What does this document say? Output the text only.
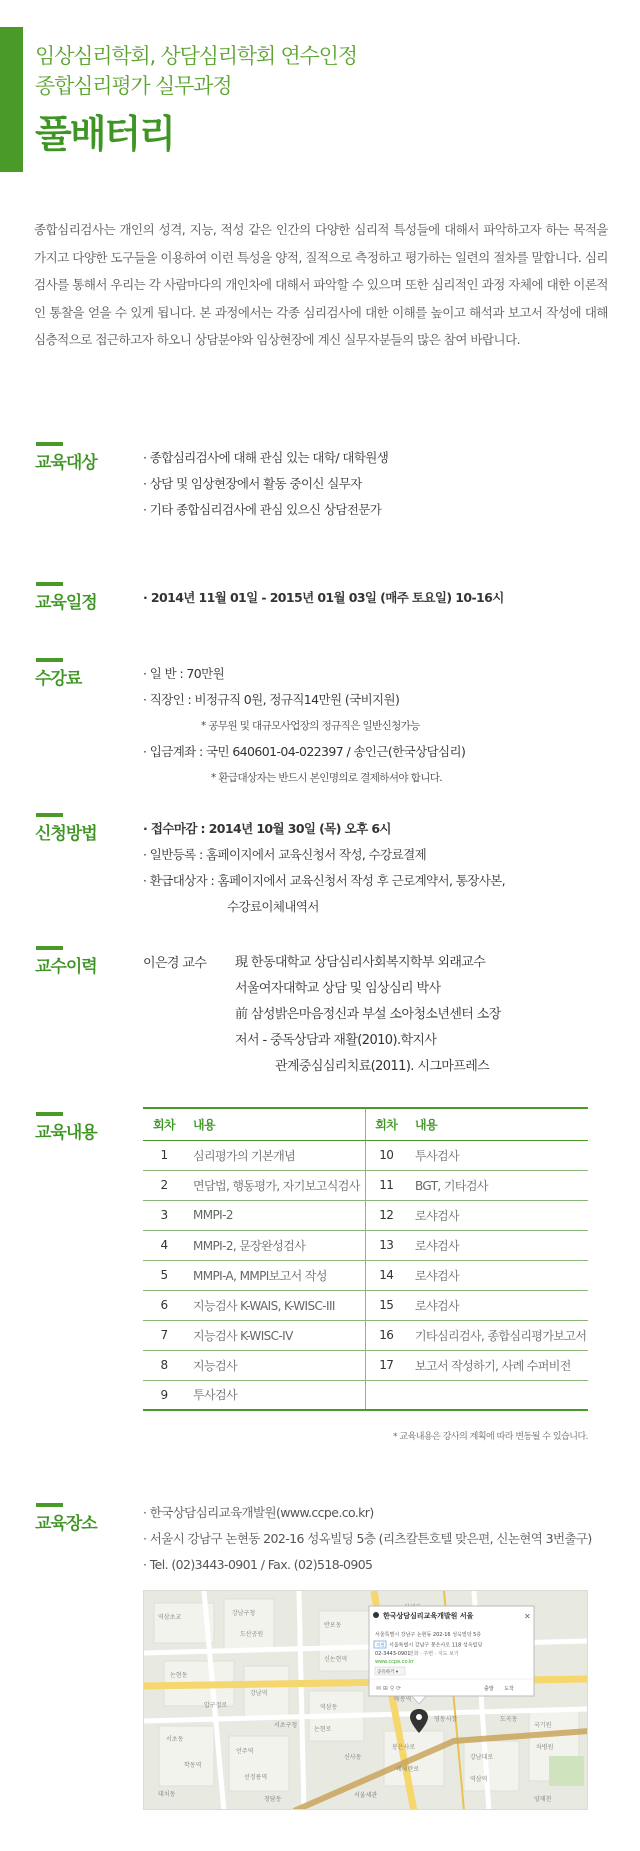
임상심리학회, 상담심리학회 연수인정
종합심리평가 실무과정
풀배터리

종합심리검사는 개인의 성격, 지능, 적성 같은 인간의 다양한 심리적 특성들에 대해서 파악하고자 하는 목적을 가지고 다양한 도구들을 이용하여 이런 특성을 양적, 질적으로 측정하고 평가하는 일련의 절차를 말합니다. 심리검사를 통해서 우리는 각 사람마다의 개인차에 대해서 파악할 수 있으며 또한 심리적인 과정 자체에 대한 이론적인 통찰을 얻을 수 있게 됩니다. 본 과정에서는 각종 심리검사에 대한 이해를 높이고 해석과 보고서 작성에 대해 심층적으로 접근하고자 하오니 상담분야와 임상현장에 계신 실무자분들의 많은 참여 바랍니다.

교육대상	· 종합심리검사에 대해 관심 있는 대학/ 대학원생
· 상담 및 임상현장에서 활동 중이신 실무자
· 기타 종합심리검사에 관심 있으신 상담전문가
교육일정	· 2014년 11월 01일 - 2015년 01월 03일 (매주 토요일) 10-16시
수강료	· 일 반 : 70만원
· 직장인 : 비정규직 0원, 정규직14만원 (국비지원)
* 공무원 및 대규모사업장의 정규직은 일반신청가능
· 입금계좌 : 국민 640601-04-022397 / 송인근(한국상담심리)
* 환급대상자는 반드시 본인명의로 결제하셔야 합니다.
신청방법	· 접수마감 : 2014년 10월 30일 (목) 오후 6시
· 일반등록 : 홈페이지에서 교육신청서 작성, 수강료결제
· 환급대상자 : 홈페이지에서 교육신청서 작성 후 근로계약서, 통장사본,
수강료이체내역서
교수이력	이은경 교수 現 한동대학교 상담심리사회복지학부 외래교수
서울여자대학교 상담 및 임상심리 박사
前 삼성밝은마음정신과 부설 소아청소년센터 소장
저서 - 중독상담과 재활(2010).학지사
관계중심심리치료(2011). 시그마프레스
교육내용	회차	내용	회차	내용
1	심리평가의 기본개념	10	투사검사
2	면담법, 행동평가, 자기보고식검사	11	BGT, 기타검사
3	MMPI-2	12	로샤검사
4	MMPI-2, 문장완성검사	13	로샤검사
5	MMPI-A, MMPI보고서 작성	14	로샤검사
6	지능검사 K-WAIS, K-WISC-III	15	로샤검사
7	지능검사 K-WISC-IV	16	기타심리검사, 종합심리평가보고서
8	지능검사	17	보고서 작성하기, 사례 수퍼비전
9	투사검사		
* 교육내용은 강사의 계획에 따라 변동될 수 있습니다.
교육장소
· 한국상담심리교육개발원(www.ccpe.co.kr)
· 서울시 강남구 논현동 202-16 성옥빌딩 5층 (리츠칼튼호텔 맞은편, 신논현역 3번출구)
· Tel. (02)3443-0901 / Fax. (02)518-0905
역삼초교
강남구청
도산공원
논현동
강남역
신논현역
역삼동
서초동
학동역
언주역
선정릉역
논현로
봉은사로
테헤란로
강남대로
역삼역
국기원
차병원
반포동
대치동
청담동
서울세관
양재천
매봉역
신사동
압구정로
영동시장	도곡동
서초구청
한국상담심리교육개발원 서울	✕
서울특별시 강남구 논현동 202-16 성옥빌딩 5층
지번 서울특별시 강남구 봉은사로 118 성옥빌딩
02-3443-0901
전화 · 주변 · 지도 보기
www.ccpe.co.kr
공유하기 ▾
✉ ⊞ ⚲ ⟳	출발 도착
